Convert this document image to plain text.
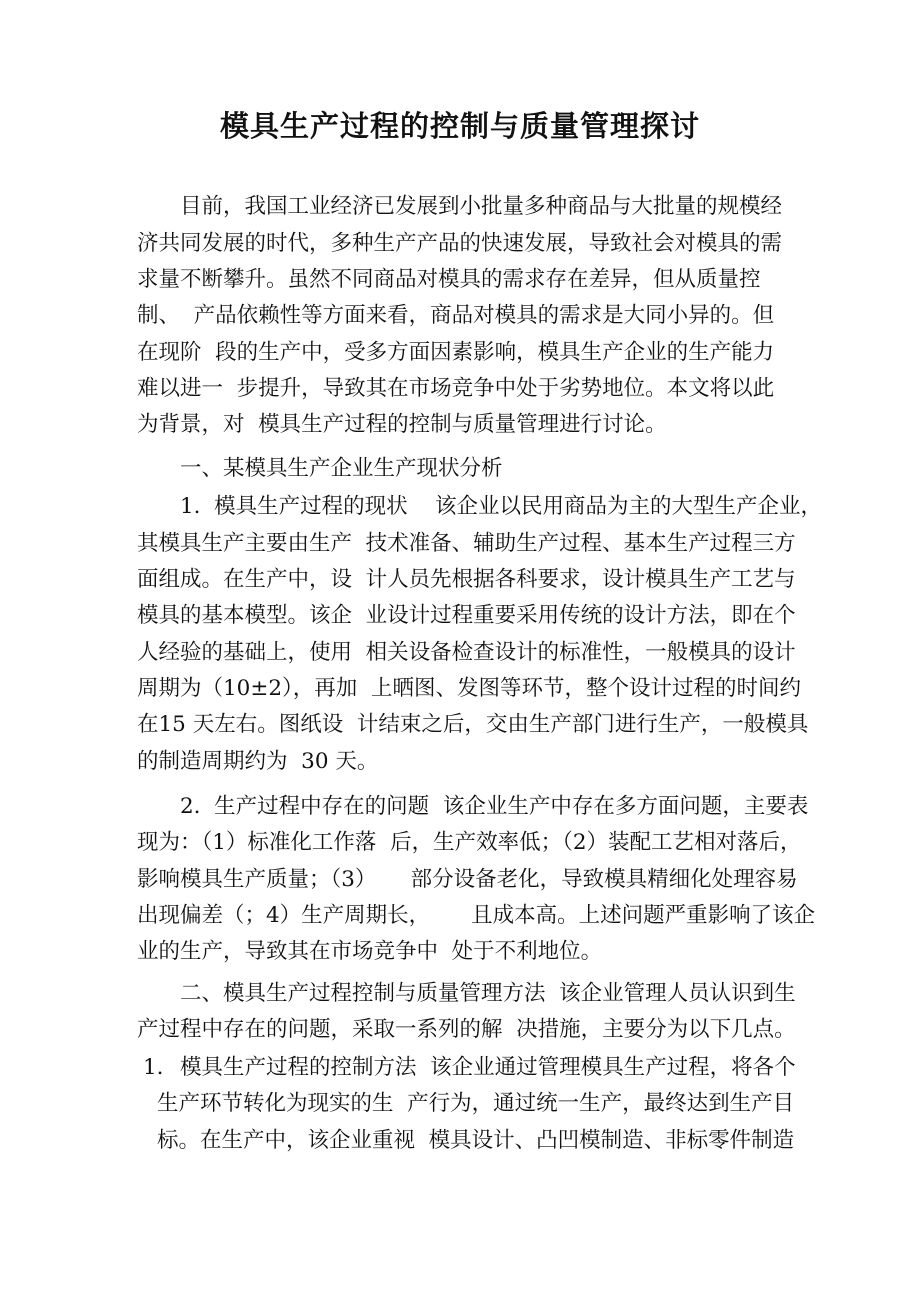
模具生产过程的控制与质量管理探讨

目前，我国工业经济已发展到小批量多种商品与大批量的规模经

济共同发展的时代，多种生产产品的快速发展，导致社会对模具的需

求量不断攀升。虽然不同商品对模具的需求存在差异，但从质量控

制、  产品依赖性等方面来看，商品对模具的需求是大同小异的。但

在现阶  段的生产中，受多方面因素影响，模具生产企业的生产能力

难以进一  步提升，导致其在市场竞争中处于劣势地位。本文将以此

为背景，对  模具生产过程的控制与质量管理进行讨论。

一、某模具生产企业生产现状分析

1.  模具生产过程的现状    该企业以民用商品为主的大型生产企业，

其模具生产主要由生产  技术准备、辅助生产过程、基本生产过程三方

面组成。在生产中，设  计人员先根据各科要求，设计模具生产工艺与

模具的基本模型。该企  业设计过程重要采用传统的设计方法，即在个

人经验的基础上，使用  相关设备检查设计的标准性，一般模具的设计

周期为（10±2），再加  上晒图、发图等环节，整个设计过程的时间约

在15 天左右。图纸设  计结束之后，交由生产部门进行生产，一般模具

的制造周期约为  30 天。

2.  生产过程中存在的问题  该企业生产中存在多方面问题，主要表

现为：（1）标准化工作落  后，生产效率低；（2）装配工艺相对落后，

影响模具生产质量；（3）     部分设备老化，导致模具精细化处理容易

出现偏差（；4）生产周期长，      且成本高。上述问题严重影响了该企

业的生产，导致其在市场竞争中  处于不利地位。

二、模具生产过程控制与质量管理方法  该企业管理人员认识到生

产过程中存在的问题，采取一系列的解  决措施，主要分为以下几点。

1. 模具生产过程的控制方法  该企业通过管理模具生产过程，将各个

生产环节转化为现实的生  产行为，通过统一生产，最终达到生产目

标。在生产中，该企业重视  模具设计、凸凹模制造、非标零件制造
